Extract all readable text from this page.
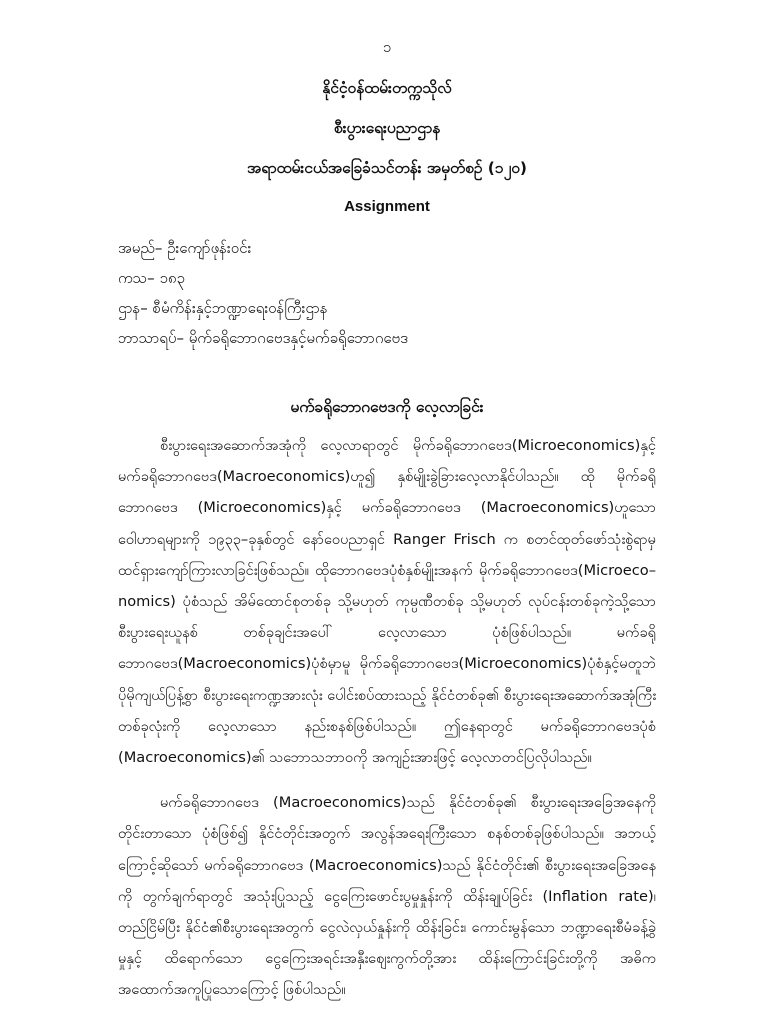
၁
နိုင်ငံ့ဝန်ထမ်းတက္ကသိုလ်
စီးပွားရေးပညာဌာန
အရာထမ်းငယ်အခြေခံသင်တန်း အမှတ်စဉ် (၁၂၀)
Assignment
အမည်– ဦးကျော်ဖုန်းဝင်း
ကသ– ၁၈၃
ဌာန– စီမံကိန်းနှင့်ဘဏ္ဍာရေးဝန်ကြီးဌာန
ဘာသာရပ်– မိုက်ခရိုဘောဂဗေဒနှင့်မက်ခရိုဘောဂဗေဒ
မက်ခရိုဘောဂဗေဒကို လေ့လာခြင်း

စီးပွားရေးအဆောက်အအုံကို လေ့လာရာတွင် မိုက်ခရိုဘောဂဗေဒ(Microeconomics)နှင့် မက်ခရိုဘောဂဗေဒ(Macroeconomics)ဟူ၍ နှစ်မျိုးခွဲခြားလေ့လာနိုင်ပါသည်။ ထို မိုက်ခရိုဘောဂဗေဒ (Microeconomics)နှင့် မက်ခရိုဘောဂဗေဒ (Macroeconomics)ဟူသော ဝေါဟာရများကို ၁၉၃၃–ခုနှစ်တွင် နော်ဝေပညာရှင် Ranger Frisch က စတင်ထုတ်ဖော်သုံးစွဲရာမှ ထင်ရှားကျော်ကြားလာခြင်းဖြစ်သည်။ ထိုဘောဂဗေဒပုံစံနှစ်မျိုးအနက် မိုက်ခရိုဘောဂဗေဒ(Microeco–nomics) ပုံစံသည် အိမ်ထောင်စုတစ်ခု သို့မဟုတ် ကုမ္ပဏီတစ်ခု သို့မဟုတ် လုပ်ငန်းတစ်ခုကဲ့သို့သော စီးပွားရေးယူနစ် တစ်ခုချင်းအပေါ် လေ့လာသော ပုံစံဖြစ်ပါသည်။ မက်ခရိုဘောဂဗေဒ(Macroeconomics)ပုံစံမှာမူ မိုက်ခရိုဘောဂဗေဒ(Microeconomics)ပုံစံနှင့်မတူဘဲ ပိုမိုကျယ်ပြန့်စွာ စီးပွားရေးကဏ္ဍအားလုံး ပေါင်းစပ်ထားသည့် နိုင်ငံတစ်ခု၏ စီးပွားရေးအဆောက်အအုံကြီးတစ်ခုလုံးကို လေ့လာသော နည်းစနစ်ဖြစ်ပါသည်။ ဤနေရာတွင် မက်ခရိုဘောဂဗေဒပုံစံ (Macroeconomics)၏ သဘောသဘာဝကို အကျဉ်းအားဖြင့် လေ့လာတင်ပြလိုပါသည်။

မက်ခရိုဘောဂဗေဒ (Macroeconomics)သည် နိုင်ငံတစ်ခု၏ စီးပွားရေးအခြေအနေကို တိုင်းတာသော ပုံစံဖြစ်၍ နိုင်ငံတိုင်းအတွက် အလွန်အရေးကြီးသော စနစ်တစ်ခုဖြစ်ပါသည်။ အဘယ့်ကြောင့်ဆိုသော် မက်ခရိုဘောဂဗေဒ (Macroeconomics)သည် နိုင်ငံတိုင်း၏ စီးပွားရေးအခြေအနေကို တွက်ချက်ရာတွင် အသုံးပြုသည့် ငွေကြေးဖောင်းပွမှုနှုန်းကို ထိန်းချုပ်ခြင်း (Inflation rate)၊ တည်ငြိမ်ပြီး နိုင်ငံ၏စီးပွားရေးအတွက် ငွေလဲလှယ်နှုန်းကို ထိန်းခြင်း၊ ကောင်းမွန်သော ဘဏ္ဍာရေးစီမံခန့်ခွဲမှုနှင့် ထိရောက်သော ငွေကြေးအရင်းအနှီးဈေးကွက်တို့အား ထိန်းကြောင်းခြင်းတို့ကို အဓိက အထောက်အကူပြုသောကြောင့် ဖြစ်ပါသည်။
